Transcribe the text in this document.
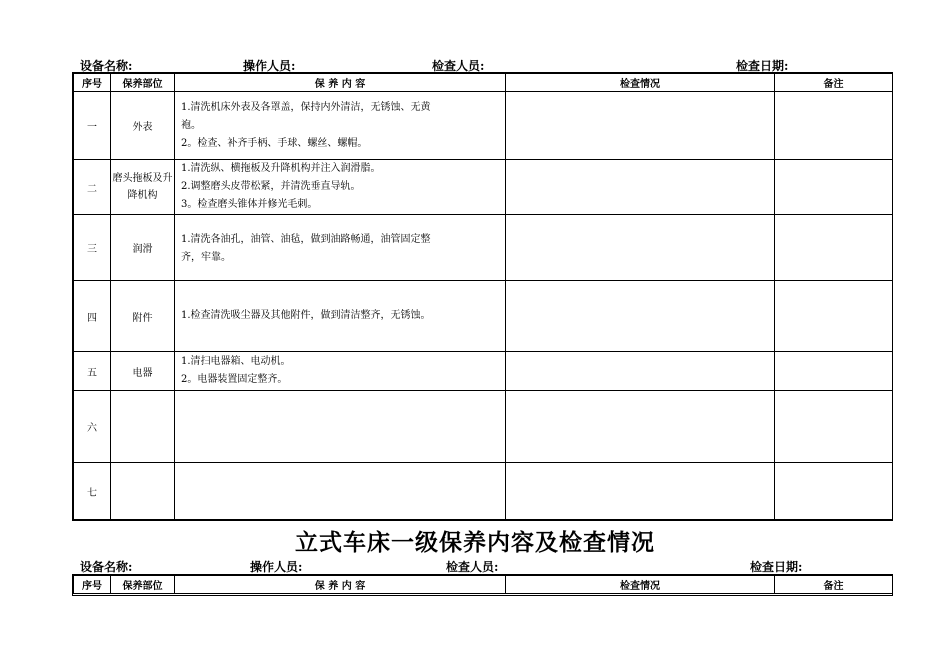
设备名称:	操作人员:	检查人员:	检查日期:
序号	保养部位	保 养 内 容	检查情况	备注
一	外表	1.清洗机床外表及各罩盖，保持内外清洁，无锈蚀、无黄
袍。
2。检查、补齐手柄、手球、螺丝、螺帽。		

二	磨头拖板及升降机构	1.清洗纵、横拖板及升降机构并注入润滑脂。
2.调整磨头皮带松紧，并清洗垂直导轨。
3。检查磨头锥体并修光毛刺。		

三	润滑	1.清洗各油孔，油管、油毡，做到油路畅通，油管固定整
齐，牢靠。		

四	附件	1.检查清洗吸尘器及其他附件，做到清洁整齐，无锈蚀。		

五	电器	1.清扫电器箱、电动机。
2。电器装置固定整齐。		

六				
七				
立式车床一级保养内容及检查情况
设备名称:	操作人员:	检查人员:	检查日期:
序号	保养部位	保 养 内 容	检查情况	备注
